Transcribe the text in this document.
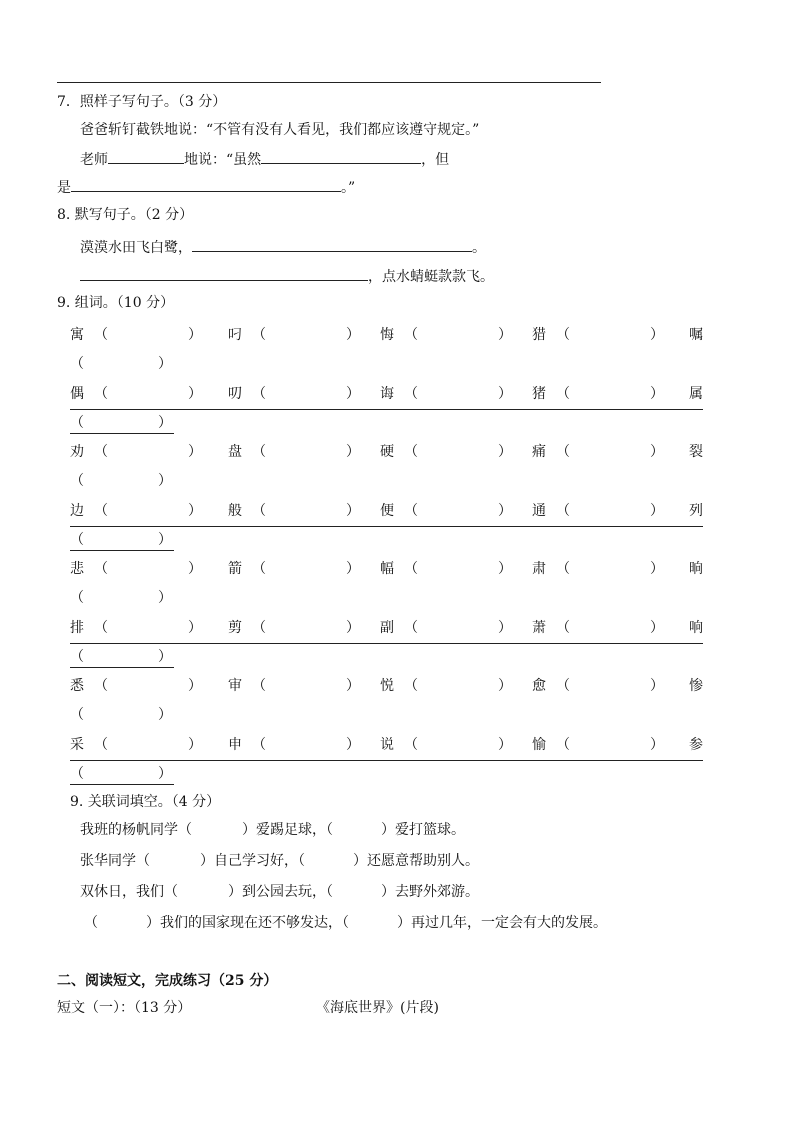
7．照样子写句子。（3 分）
爸爸斩钉截铁地说：“不管有没有人看见，我们都应该遵守规定。”
老师	地说：“虽然	，但
是	。”
8. 默写句子。（2 分）
漠漠水田飞白鹭，	。
，点水蜻蜓款款飞。
9. 组词。（10 分）
寓 （	） 叼 （	） 悔 （	） 猎 （	） 嘱
（	）
偶 （	） 叨 （	） 诲 （	） 猪 （	） 属
（	）
劝 （	） 盘 （	） 硬 （	） 痛 （	） 裂
（	）
边 （	） 般 （	） 便 （	） 通 （	） 列
（	）
悲 （	） 箭 （	） 幅 （	） 肃 （	） 晌
（	）
排 （	） 剪 （	） 副 （	） 萧 （	） 响
（	）
悉 （	） 审 （	） 悦 （	） 愈 （	） 惨
（	）
采 （	） 申 （	） 说 （	） 愉 （	） 参
（	）
9. 关联词填空。（4 分）
我班的杨帆同学（	）爱踢足球，（	）爱打篮球。
张华同学（	）自己学习好，（	）还愿意帮助别人。
双休日，我们（	）到公园去玩，（	）去野外郊游。
（	）我们的国家现在还不够发达，（	）再过几年，一定会有大的发展。
二、阅读短文，完成练习（25 分）
短文（一）：（13 分）	《海底世界》(片段)
